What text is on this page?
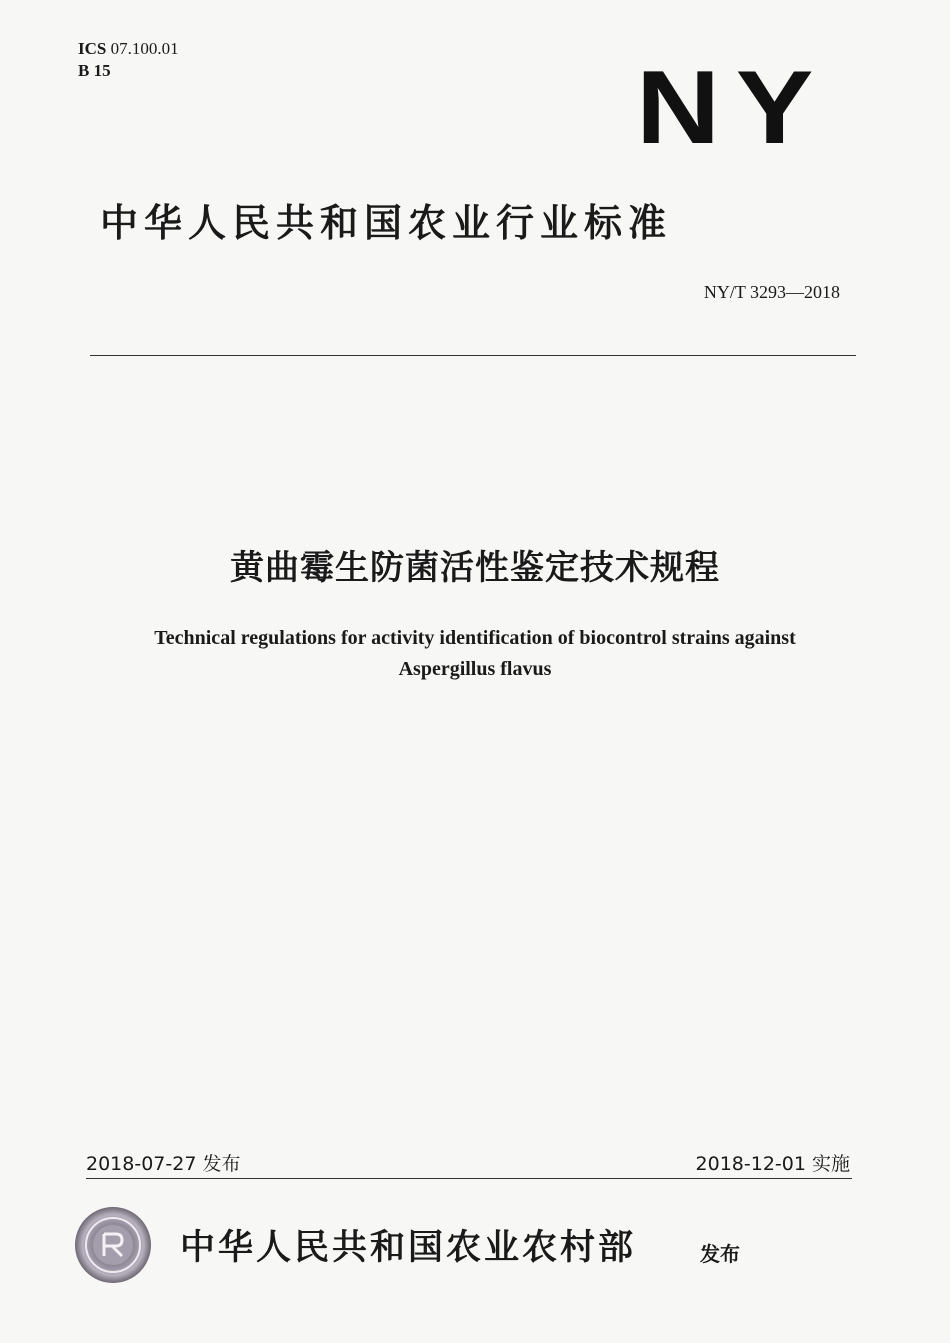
ICS 07.100.01
B 15	NY
中华人民共和国农业行业标准
NY/T 3293—2018
黄曲霉生防菌活性鉴定技术规程
Technical regulations for activity identification of biocontrol strains against
Aspergillus flavus
2018-07-27 发布	2018-12-01 实施
中华人民共和国农业农村部	发布
